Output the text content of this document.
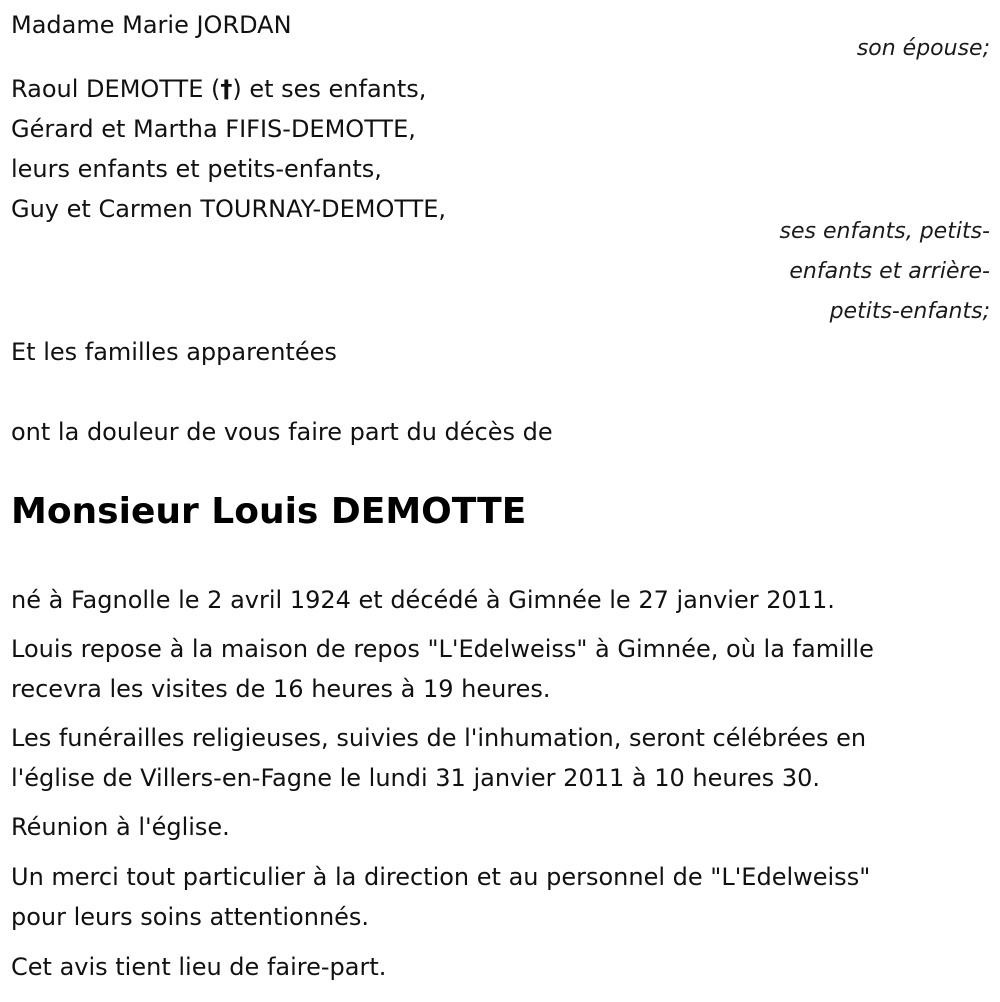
Madame Marie JORDAN
son épouse;
Raoul DEMOTTE (†) et ses enfants,
Gérard et Martha FIFIS-DEMOTTE,
leurs enfants et petits-enfants,
Guy et Carmen TOURNAY-DEMOTTE,
ses enfants, petits-
enfants et arrière-
petits-enfants;
Et les familles apparentées
ont la douleur de vous faire part du décès de
Monsieur Louis DEMOTTE
né à Fagnolle le 2 avril 1924 et décédé à Gimnée le 27 janvier 2011.
Louis repose à la maison de repos "L'Edelweiss" à Gimnée, où la famille
recevra les visites de 16 heures à 19 heures.
Les funérailles religieuses, suivies de l'inhumation, seront célébrées en
l'église de Villers-en-Fagne le lundi 31 janvier 2011 à 10 heures 30.
Réunion à l'église.
Un merci tout particulier à la direction et au personnel de "L'Edelweiss"
pour leurs soins attentionnés.
Cet avis tient lieu de faire-part.
